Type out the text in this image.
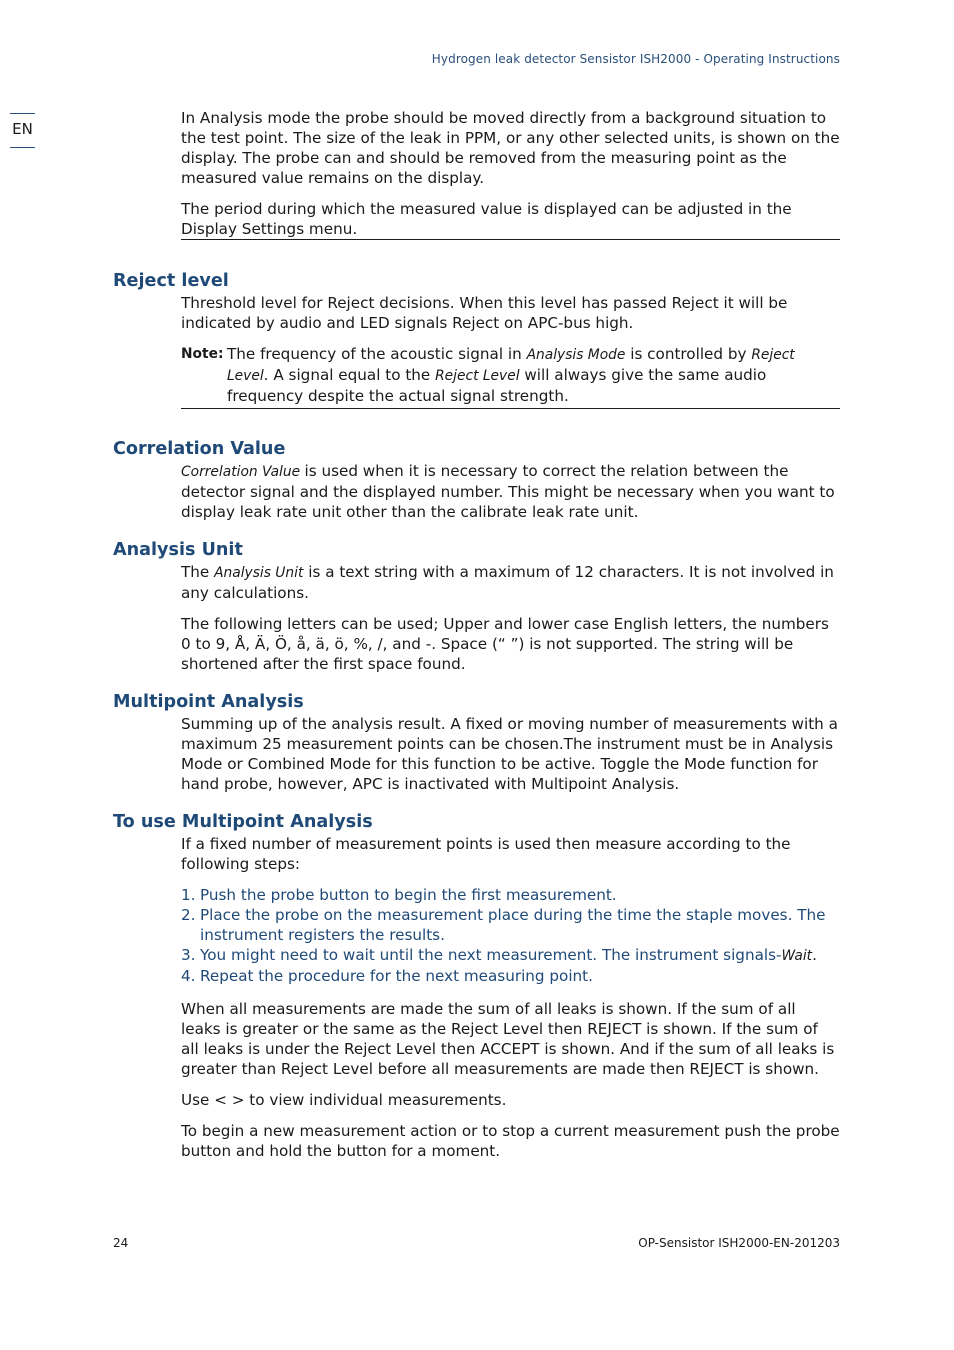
Hydrogen leak detector Sensistor ISH2000 - Operating Instructions
EN

In Analysis mode the probe should be moved directly from a background situation to the test point. The size of the leak in PPM, or any other selected units, is shown on the display. The probe can and should be removed from the measuring point as the measured value remains on the display.

The period during which the measured value is displayed can be adjusted in the Display Settings menu.

Reject level

Threshold level for Reject decisions. When this level has passed Reject it will be indicated by audio and LED signals Reject on APC-bus high.

Note: The frequency of the acoustic signal in Analysis Mode is controlled by Reject Level. A signal equal to the Reject Level will always give the same audio frequency despite the actual signal strength.
Correlation Value

Correlation Value is used when it is necessary to correct the relation between the detector signal and the displayed number. This might be necessary when you want to display leak rate unit other than the calibrate leak rate unit.

Analysis Unit

The Analysis Unit is a text string with a maximum of 12 characters. It is not involved in any calculations.

The following letters can be used; Upper and lower case English letters, the numbers 0 to 9, Å, Ä, Ö, å, ä, ö, %, /, and -. Space (“ ”) is not supported. The string will be shortened after the first space found.

Multipoint Analysis

Summing up of the analysis result. A fixed or moving number of measurements with a maximum 25 measurement points can be chosen.The instrument must be in Analysis Mode or Combined Mode for this function to be active. Toggle the Mode function for hand probe, however, APC is inactivated with Multipoint Analysis.

To use Multipoint Analysis

If a fixed number of measurement points is used then measure according to the following steps:

1. Push the probe button to begin the first measurement.
2. Place the probe on the measurement place during the time the staple moves. The instrument registers the results.
3. You might need to wait until the next measurement. The instrument signals-Wait.
4. Repeat the procedure for the next measuring point.

When all measurements are made the sum of all leaks is shown. If the sum of all leaks is greater or the same as the Reject Level then REJECT is shown. If the sum of all leaks is under the Reject Level then ACCEPT is shown. And if the sum of all leaks is greater than Reject Level before all measurements are made then REJECT is shown.

Use < > to view individual measurements.

To begin a new measurement action or to stop a current measurement push the probe button and hold the button for a moment.

24	OP-Sensistor ISH2000-EN-201203
